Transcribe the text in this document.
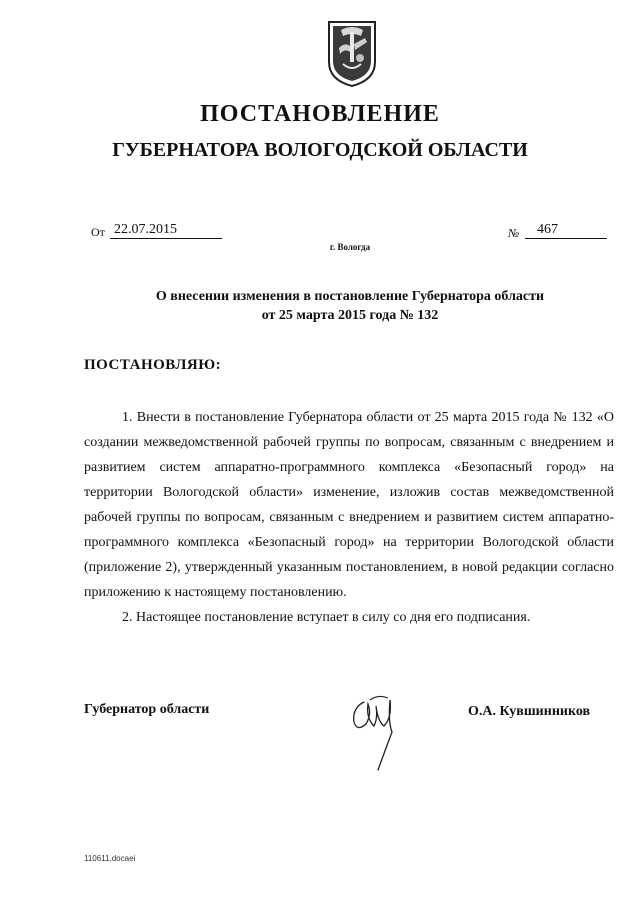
ПОСТАНОВЛЕНИЕ
ГУБЕРНАТОРА ВОЛОГОДСКОЙ ОБЛАСТИ
От 22.07.2015	№	467
г. Вологда
О внесении изменения в постановление Губернатора области
от 25 марта 2015 года № 132
ПОСТАНОВЛЯЮ:

1. Внести в постановление Губернатора области от 25 марта 2015 года № 132 «О создании межведомственной рабочей группы по вопросам, связанным с внедрением и развитием систем аппаратно-программного комплекса «Безопасный город» на территории Вологодской области» изменение, изложив состав межведомственной рабочей группы по вопросам, связанным с внедрением и развитием систем аппаратно-программного комплекса «Безопасный город» на территории Вологодской области (приложение 2), утвержденный указанным постановлением, в новой редакции согласно приложению к настоящему постановлению.

2. Настоящее постановление вступает в силу со дня его подписания.

Губернатор области	О.А. Кувшинников
110611.docaei
